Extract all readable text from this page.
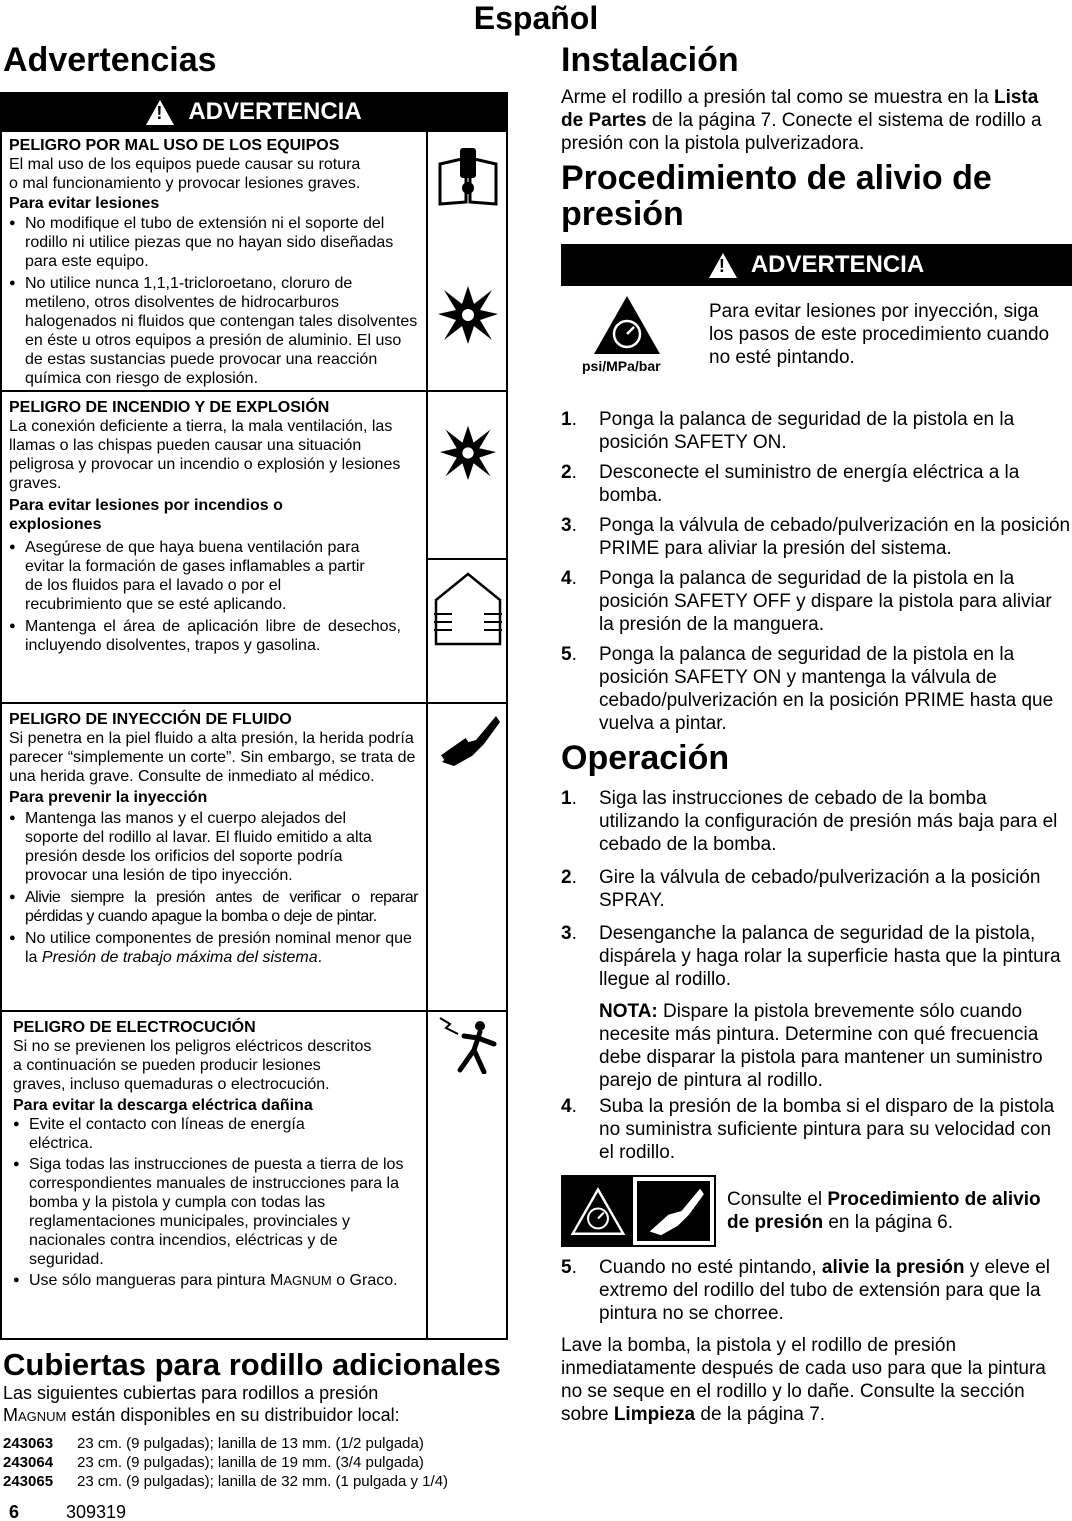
Español
Advertencias
!
ADVERTENCIA
PELIGRO POR MAL USO DE LOS EQUIPOS
El mal uso de los equipos puede causar su rotura
o mal funcionamiento y provocar lesiones graves.
Para evitar lesiones
● No modifique el tubo de extensión ni el soporte del rodillo ni utilice piezas que no hayan sido diseñadas para este equipo.
● No utilice nunca 1,1,1-tricloroetano, cloruro de metileno, otros disolventes de hidrocarburos halogenados ni fluidos que contengan tales disolventes en éste u otros equipos a presión de aluminio. El uso de estas sustancias puede provocar una reacción química con riesgo de explosión.
PELIGRO DE INCENDIO Y DE EXPLOSIÓN
La conexión deficiente a tierra, la mala ventilación, las llamas o las chispas pueden causar una situación peligrosa y provocar un incendio o explosión y lesiones graves.
Para evitar lesiones por incendios o explosiones
● Asegúrese de que haya buena ventilación para evitar la formación de gases inflamables a partir de los fluidos para el lavado o por el recubrimiento que se esté aplicando.
● Mantenga el área de aplicación libre de desechos, incluyendo disolventes, trapos y gasolina.
PELIGRO DE INYECCIÓN DE FLUIDO
Si penetra en la piel fluido a alta presión, la herida podría parecer “simplemente un corte”. Sin embargo, se trata de una herida grave. Consulte de inmediato al médico.
Para prevenir la inyección
● Mantenga las manos y el cuerpo alejados del soporte del rodillo al lavar. El fluido emitido a alta presión desde los orificios del soporte podría provocar una lesión de tipo inyección.
● Alivie siempre la presión antes de verificar o reparar pérdidas y cuando apague la bomba o deje de pintar.
● No utilice componentes de presión nominal menor que la Presión de trabajo máxima del sistema.
PELIGRO DE ELECTROCUCIÓN
Si no se previenen los peligros eléctricos descritos a continuación se pueden producir lesiones graves, incluso quemaduras o electrocución.
Para evitar la descarga eléctrica dañina
● Evite el contacto con líneas de energía eléctrica.
● Siga todas las instrucciones de puesta a tierra de los correspondientes manuales de instrucciones para la bomba y la pistola y cumpla con todas las reglamentaciones municipales, provinciales y nacionales contra incendios, eléctricas y de seguridad.
● Use sólo mangueras para pintura MAGNUM o Graco.
Cubiertas para rodillo adicionales
Las siguientes cubiertas para rodillos a presión
MAGNUM están disponibles en su distribuidor local:
243063	23 cm. (9 pulgadas); lanilla de 13 mm. (1/2 pulgada)
243064	23 cm. (9 pulgadas); lanilla de 19 mm. (3/4 pulgada)
243065	23 cm. (9 pulgadas); lanilla de 32 mm. (1 pulgada y 1/4)
6	309319
Instalación
Arme el rodillo a presión tal como se muestra en la Lista de Partes de la página 7. Conecte el sistema de rodillo a presión con la pistola pulverizadora.
Procedimiento de alivio de presión
!
ADVERTENCIA
psi/MPa/bar
Para evitar lesiones por inyección, siga los pasos de este procedimiento cuando no esté pintando.
1.	Ponga la palanca de seguridad de la pistola en la posición SAFETY ON.
2.	Desconecte el suministro de energía eléctrica a la bomba.
3.	Ponga la válvula de cebado/pulverización en la posición PRIME para aliviar la presión del sistema.
4.	Ponga la palanca de seguridad de la pistola en la posición SAFETY OFF y dispare la pistola para aliviar la presión de la manguera.
5.	Ponga la palanca de seguridad de la pistola en la posición SAFETY ON y mantenga la válvula de cebado/pulverización en la posición PRIME hasta que vuelva a pintar.
Operación
1.	Siga las instrucciones de cebado de la bomba utilizando la configuración de presión más baja para el cebado de la bomba.
2.	Gire la válvula de cebado/pulverización a la posición SPRAY.
3.	Desenganche la palanca de seguridad de la pistola, dispárela y haga rolar la superficie hasta que la pintura llegue al rodillo.
NOTA: Dispare la pistola brevemente sólo cuando necesite más pintura. Determine con qué frecuencia debe disparar la pistola para mantener un suministro parejo de pintura al rodillo.
4.	Suba la presión de la bomba si el disparo de la pistola no suministra suficiente pintura para su velocidad con el rodillo.
Consulte el Procedimiento de alivio de presión en la página 6.
5.	Cuando no esté pintando, alivie la presión y eleve el extremo del rodillo del tubo de extensión para que la pintura no se chorree.
Lave la bomba, la pistola y el rodillo de presión inmediatamente después de cada uso para que la pintura no se seque en el rodillo y lo dañe. Consulte la sección sobre Limpieza de la página 7.
